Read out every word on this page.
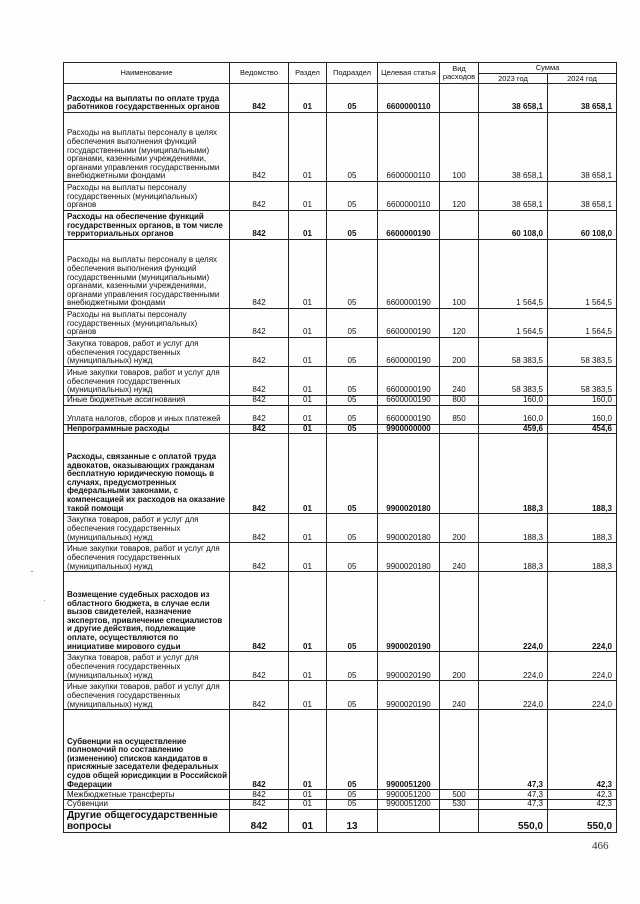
Наименование	Ведомство	Раздел	Подраздел	Целевая статья	Вид расходов	Сумма	
						2023 год	2024 год
Расходы на выплаты по оплате труда работников государственных органов	842	01	05	6600000110		38 658,1	38 658,1
Расходы на выплаты персоналу в целях обеспечения выполнения функций государственными (муниципальными) органами, казенными учреждениями, органами управления государственными внебюджетными фондами	842	01	05	6600000110	100	38 658,1	38 658,1
Расходы на выплаты персоналу государственных (муниципальных) органов	842	01	05	6600000110	120	38 658,1	38 658,1
Расходы на обеспечение функций государственных органов, в том числе территориальных органов	842	01	05	6600000190		60 108,0	60 108,0
Расходы на выплаты персоналу в целях обеспечения выполнения функций государственными (муниципальными) органами, казенными учреждениями, органами управления государственными внебюджетными фондами	842	01	05	6600000190	100	1 564,5	1 564,5
Расходы на выплаты персоналу государственных (муниципальных) органов	842	01	05	6600000190	120	1 564,5	1 564,5
Закупка товаров, работ и услуг для обеспечения государственных (муниципальных) нужд	842	01	05	6600000190	200	58 383,5	58 383,5
Иные закупки товаров, работ и услуг для обеспечения государственных (муниципальных) нужд	842	01	05	6600000190	240	58 383,5	58 383,5
Иные бюджетные ассигнования	842	01	05	6600000190	800	160,0	160,0
Уплата налогов, сборов и иных платежей	842	01	05	6600000190	850	160,0	160,0
Непрограммные расходы	842	01	05	9900000000		459,6	454,6
Расходы, связанные с оплатой труда адвокатов, оказывающих гражданам бесплатную юридическую помощь в случаях, предусмотренных федеральными законами, с компенсацией их расходов на оказание такой помощи	842	01	05	9900020180		188,3	188,3
Закупка товаров, работ и услуг для обеспечения государственных (муниципальных) нужд	842	01	05	9900020180	200	188,3	188,3
Иные закупки товаров, работ и услуг для обеспечения государственных (муниципальных) нужд	842	01	05	9900020180	240	188,3	188,3
Возмещение судебных расходов из областного бюджета, в случае если вызов свидетелей, назначение экспертов, привлечение специалистов и другие действия, подлежащие оплате, осуществляются по инициативе мирового судьи	842	01	05	9900020190		224,0	224,0
Закупка товаров, работ и услуг для обеспечения государственных (муниципальных) нужд	842	01	05	9900020190	200	224,0	224,0
Иные закупки товаров, работ и услуг для обеспечения государственных (муниципальных) нужд	842	01	05	9900020190	240	224,0	224,0
Субвенции на осуществление полномочий по составлению (изменению) списков кандидатов в присяжные заседатели федеральных судов общей юрисдикции в Российской Федерации	842	01	05	9900051200		47,3	42,3
Межбюджетные трансферты	842	01	05	9900051200	500	47,3	42,3
Субвенции	842	01	05	9900051200	530	47,3	42,3
Другие общегосударственные вопросы	842	01	13			550,0	550,0
466
